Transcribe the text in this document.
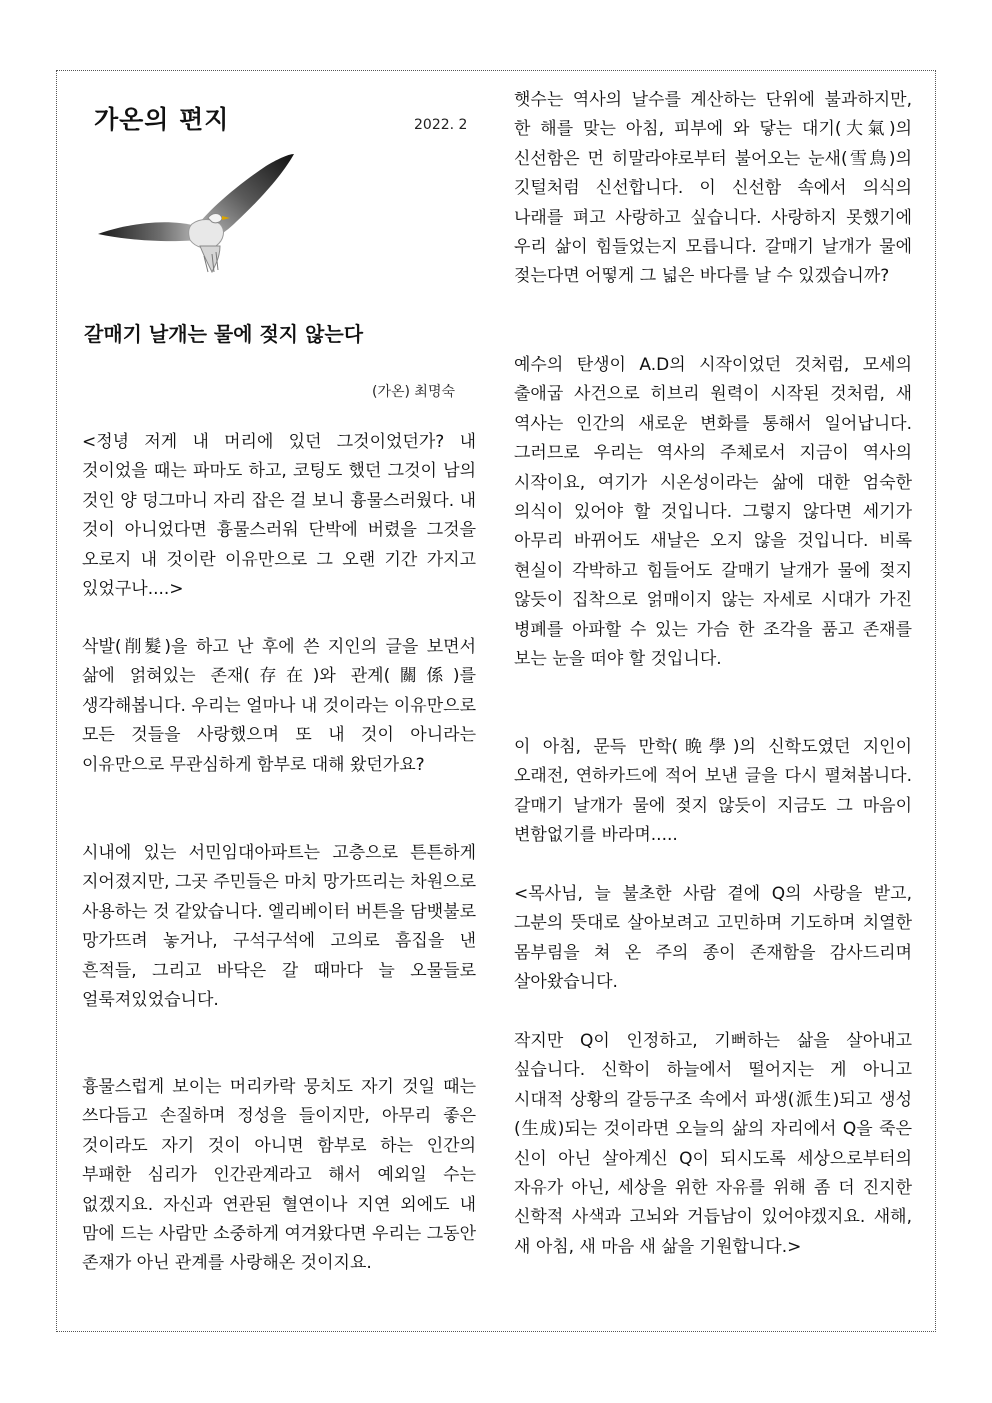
가온의 편지	2022. 2
갈매기 날개는 물에 젖지 않는다
(가온) 최명숙

<정녕 저게 내 머리에 있던 그것이었던가? 내 것이었을 때는 파마도 하고, 코팅도 했던 그것이 남의 것인 양 덩그마니 자리 잡은 걸 보니 흉물스러웠다. 내 것이 아니었다면 흉물스러워 단박에 버렸을 그것을 오로지 내 것이란 이유만으로 그 오랜 기간 가지고 있었구나....>

삭발(削髮)을 하고 난 후에 쓴 지인의 글을 보면서 삶에 얽혀있는 존재(存在)와 관계(關係)를 생각해봅니다. 우리는 얼마나 내 것이라는 이유만으로 모든 것들을 사랑했으며 또 내 것이 아니라는 이유만으로 무관심하게 함부로 대해 왔던가요?

시내에 있는 서민임대아파트는 고층으로 튼튼하게 지어졌지만, 그곳 주민들은 마치 망가뜨리는 차원으로 사용하는 것 같았습니다. 엘리베이터 버튼을 담뱃불로 망가뜨려 놓거나, 구석구석에 고의로 흠집을 낸 흔적들, 그리고 바닥은 갈 때마다 늘 오물들로 얼룩져있었습니다.

흉물스럽게 보이는 머리카락 뭉치도 자기 것일 때는 쓰다듬고 손질하며 정성을 들이지만, 아무리 좋은 것이라도 자기 것이 아니면 함부로 하는 인간의 부패한 심리가 인간관계라고 해서 예외일 수는 없겠지요. 자신과 연관된 혈연이나 지연 외에도 내 맘에 드는 사람만 소중하게 여겨왔다면 우리는 그동안 존재가 아닌 관계를 사랑해온 것이지요.

햇수는 역사의 날수를 계산하는 단위에 불과하지만, 한 해를 맞는 아침, 피부에 와 닿는 대기(大氣)의 신선함은 먼 히말라야로부터 불어오는 눈새(雪鳥)의 깃털처럼 신선합니다. 이 신선함 속에서 의식의 나래를 펴고 사랑하고 싶습니다. 사랑하지 못했기에 우리 삶이 힘들었는지 모릅니다. 갈매기 날개가 물에 젖는다면 어떻게 그 넓은 바다를 날 수 있겠습니까?

예수의 탄생이 A.D의 시작이었던 것처럼, 모세의 출애굽 사건으로 히브리 원력이 시작된 것처럼, 새 역사는 인간의 새로운 변화를 통해서 일어납니다. 그러므로 우리는 역사의 주체로서 지금이 역사의 시작이요, 여기가 시온성이라는 삶에 대한 엄숙한 의식이 있어야 할 것입니다. 그렇지 않다면 세기가 아무리 바뀌어도 새날은 오지 않을 것입니다. 비록 현실이 각박하고 힘들어도 갈매기 날개가 물에 젖지 않듯이 집착으로 얽매이지 않는 자세로 시대가 가진 병폐를 아파할 수 있는 가슴 한 조각을 품고 존재를 보는 눈을 떠야 할 것입니다.

이 아침, 문득 만학(晩學)의 신학도였던 지인이 오래전, 연하카드에 적어 보낸 글을 다시 펼쳐봅니다. 갈매기 날개가 물에 젖지 않듯이 지금도 그 마음이 변함없기를 바라며.....

<목사님, 늘 불초한 사람 곁에 Q의 사랑을 받고, 그분의 뜻대로 살아보려고 고민하며 기도하며 치열한 몸부림을 쳐 온 주의 종이 존재함을 감사드리며 살아왔습니다.

작지만 Q이 인정하고, 기뻐하는 삶을 살아내고 싶습니다. 신학이 하늘에서 떨어지는 게 아니고 시대적 상황의 갈등구조 속에서 파생(派生)되고 생성(生成)되는 것이라면 오늘의 삶의 자리에서 Q을 죽은 신이 아닌 살아계신 Q이 되시도록 세상으로부터의 자유가 아닌, 세상을 위한 자유를 위해 좀 더 진지한 신학적 사색과 고뇌와 거듭남이 있어야겠지요. 새해, 새 아침, 새 마음 새 삶을 기원합니다.>
